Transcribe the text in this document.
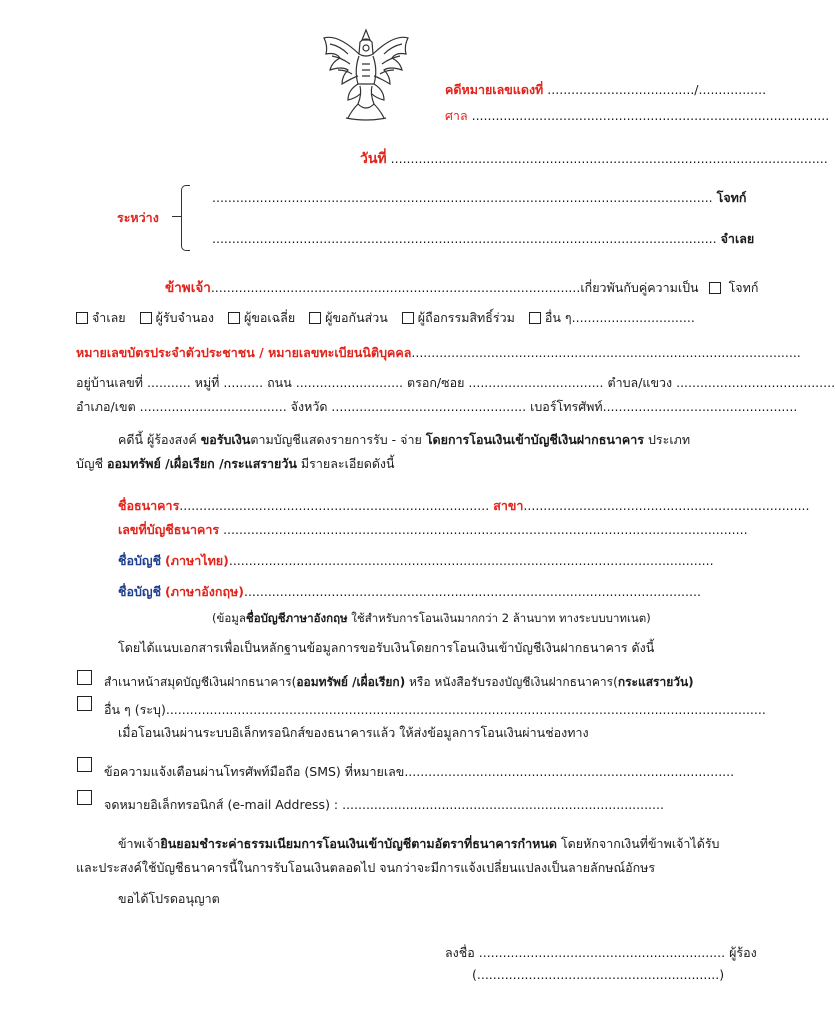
คดีหมายเลขแดงที่ ...................................../.................
ศาล ..........................................................................................
วันที่ ..............................................................................................................
ระหว่าง
.............................................................................................................................. โจทก์
............................................................................................................................... จำเลย
ข้าพเจ้า.............................................................................................เกี่ยวพันกับคู่ความเป็น โจทก์
จำเลย ผู้รับจำนอง ผู้ขอเฉลี่ย ผู้ขอกันส่วน ผู้ถือกรรมสิทธิ์ร่วม อื่น ๆ...............................
หมายเลขบัตรประจำตัวประชาชน / หมายเลขทะเบียนนิติบุคคล..................................................................................................
อยู่บ้านเลขที่ ........... หมู่ที่ .......... ถนน ........................... ตรอก/ซอย .................................. ตำบล/แขวง ........................................
อำเภอ/เขต ..................................... จังหวัด ................................................. เบอร์โทรศัพท์.................................................
คดีนี้ ผู้ร้องสงค์ ขอรับเงินตามบัญชีแสดงรายการรับ - จ่าย โดยการโอนเงินเข้าบัญชีเงินฝากธนาคาร ประเภท
บัญชี ออมทรัพย์ /เผื่อเรียก /กระแสรายวัน มีรายละเอียดดังนี้
ชื่อธนาคาร.............................................................................. สาขา........................................................................
เลขที่บัญชีธนาคาร ....................................................................................................................................
ชื่อบัญชี (ภาษาไทย)..........................................................................................................................
ชื่อบัญชี (ภาษาอังกฤษ)...................................................................................................................
(ข้อมูลชื่อบัญชีภาษาอังกฤษ ใช้สำหรับการโอนเงินมากกว่า 2 ล้านบาท ทางระบบบาทเนต)
โดยได้แนบเอกสารเพื่อเป็นหลักฐานข้อมูลการขอรับเงินโดยการโอนเงินเข้าบัญชีเงินฝากธนาคาร ดังนี้
สำเนาหน้าสมุดบัญชีเงินฝากธนาคาร(ออมทรัพย์ /เผื่อเรียก) หรือ หนังสือรับรองบัญชีเงินฝากธนาคาร(กระแสรายวัน)
อื่น ๆ (ระบุ).......................................................................................................................................................
เมื่อโอนเงินผ่านระบบอิเล็กทรอนิกส์ของธนาคารแล้ว ให้ส่งข้อมูลการโอนเงินผ่านช่องทาง
ข้อความแจ้งเตือนผ่านโทรศัพท์มือถือ (SMS) ที่หมายเลข...................................................................................
จดหมายอิเล็กทรอนิกส์ (e-mail Address) : .................................................................................
ข้าพเจ้ายินยอมชำระค่าธรรมเนียมการโอนเงินเข้าบัญชีตามอัตราที่ธนาคารกำหนด โดยหักจากเงินที่ข้าพเจ้าได้รับ
และประสงค์ใช้บัญชีธนาคารนี้ในการรับโอนเงินตลอดไป จนกว่าจะมีการแจ้งเปลี่ยนแปลงเป็นลายลักษณ์อักษร
ขอได้โปรดอนุญาต
ลงชื่อ .............................................................. ผู้ร้อง
(.............................................................)
